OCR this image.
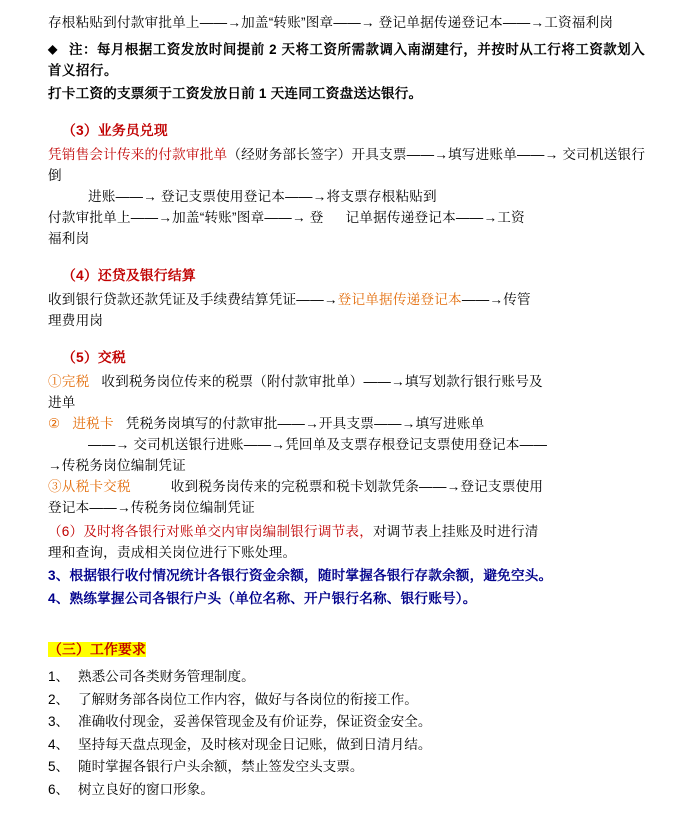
存根粘贴到付款审批单上——→加盖“转账”图章——→ 登记单据传递登记本——→工资福利岗
◆ 注：每月根据工资发放时间提前 2 天将工资所需款调入南湖建行，并按时从工行将工资款划入首义招行。
打卡工资的支票须于工资发放日前 1 天连同工资盘送达银行。
（3）业务员兑现
凭销售会计传来的付款审批单（经财务部长签字）开具支票——→填写进账单——→ 交司机送银行倒
进账——→ 登记支票使用登记本——→将支票存根粘贴到
付款审批单上——→加盖“转账”图章——→ 登 记单据传递登记本——→工资
福利岗
（4）还贷及银行结算
收到银行贷款还款凭证及手续费结算凭证——→登记单据传递登记本——→传管
理费用岗
（5）交税
①完税 收到税务岗位传来的税票（附付款审批单）——→填写划款行银行账号及
进单
② 进税卡 凭税务岗填写的付款审批——→开具支票——→填写进账单
——→ 交司机送银行进账——→凭回单及支票存根登记支票使用登记本——
→传税务岗位编制凭证
③从税卡交税	收到税务岗传来的完税票和税卡划款凭条——→登记支票使用
登记本——→传税务岗位编制凭证
（6）及时将各银行对账单交内审岗编制银行调节表，对调节表上挂账及时进行清
理和查询，责成相关岗位进行下账处理。
3、根据银行收付情况统计各银行资金余额，随时掌握各银行存款余额，避免空头。
4、熟练掌握公司各银行户头（单位名称、开户银行名称、银行账号）。
（三）工作要求
1、 熟悉公司各类财务管理制度。
2、 了解财务部各岗位工作内容，做好与各岗位的衔接工作。
3、 准确收付现金，妥善保管现金及有价证券，保证资金安全。
4、 坚持每天盘点现金，及时核对现金日记账，做到日清月结。
5、 随时掌握各银行户头余额，禁止签发空头支票。
6、 树立良好的窗口形象。
